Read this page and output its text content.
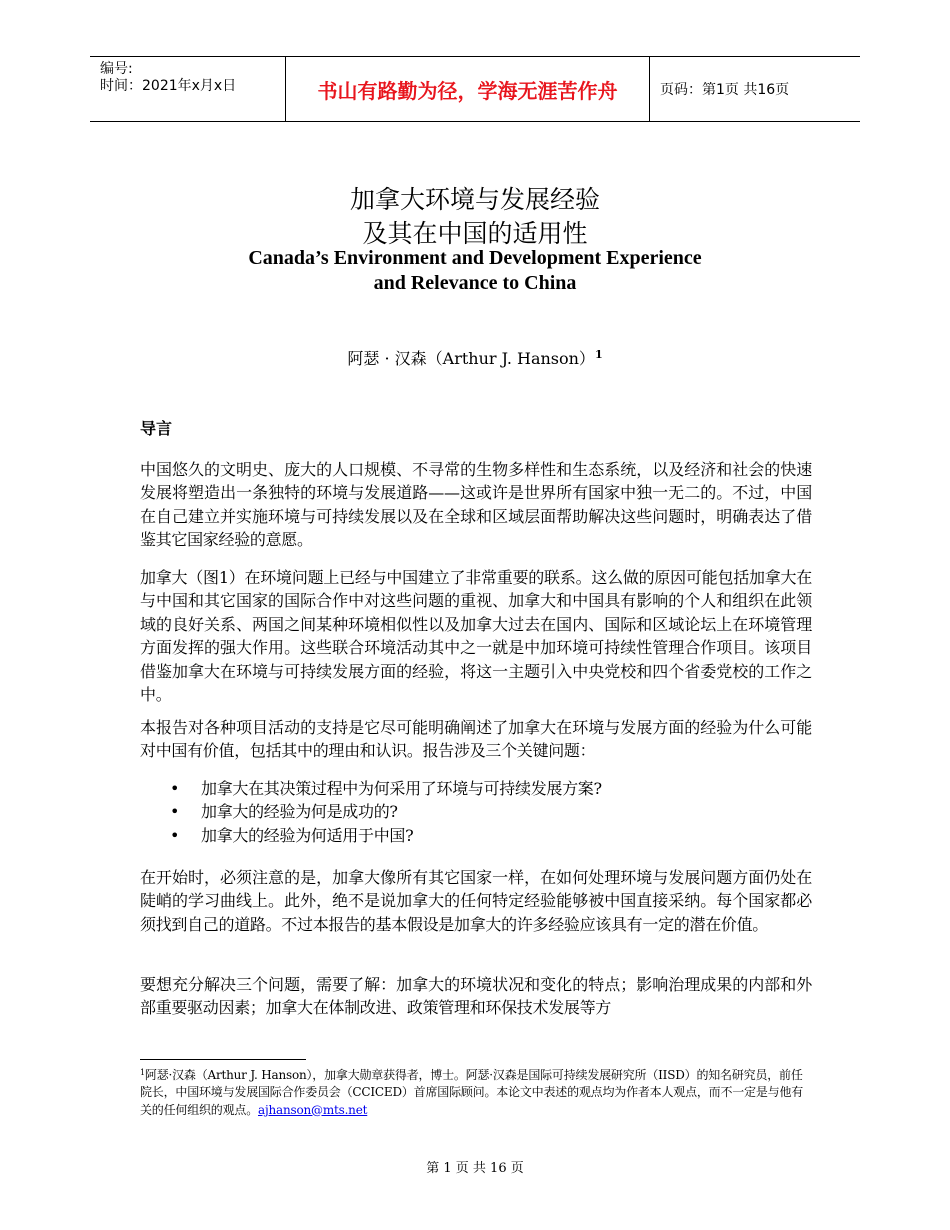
编号:
时间：2021年x月x日	书山有路勤为径，学海无涯苦作舟	页码：第1页 共16页
加拿大环境与发展经验
及其在中国的适用性
Canada’s Environment and Development Experience
and Relevance to China
阿瑟 · 汉森（Arthur J. Hanson）$^1$
导言

中国悠久的文明史、庞大的人口规模、不寻常的生物多样性和生态系统，以及经济和社会的快速发展将塑造出一条独特的环境与发展道路——这或许是世界所有国家中独一无二的。不过，中国在自己建立并实施环境与可持续发展以及在全球和区域层面帮助解决这些问题时，明确表达了借鉴其它国家经验的意愿。

加拿大（图1）在环境问题上已经与中国建立了非常重要的联系。这么做的原因可能包括加拿大在与中国和其它国家的国际合作中对这些问题的重视、加拿大和中国具有影响的个人和组织在此领域的良好关系、两国之间某种环境相似性以及加拿大过去在国内、国际和区域论坛上在环境管理方面发挥的强大作用。这些联合环境活动其中之一就是中加环境可持续性管理合作项目。该项目借鉴加拿大在环境与可持续发展方面的经验，将这一主题引入中央党校和四个省委党校的工作之中。

本报告对各种项目活动的支持是它尽可能明确阐述了加拿大在环境与发展方面的经验为什么可能对中国有价值，包括其中的理由和认识。报告涉及三个关键问题：

• 加拿大在其决策过程中为何采用了环境与可持续发展方案?
• 加拿大的经验为何是成功的?
• 加拿大的经验为何适用于中国?

在开始时，必须注意的是，加拿大像所有其它国家一样，在如何处理环境与发展问题方面仍处在陡峭的学习曲线上。此外，绝不是说加拿大的任何特定经验能够被中国直接采纳。每个国家都必须找到自己的道路。不过本报告的基本假设是加拿大的许多经验应该具有一定的潜在价值。

要想充分解决三个问题，需要了解：加拿大的环境状况和变化的特点；影响治理成果的内部和外部重要驱动因素；加拿大在体制改进、政策管理和环保技术发展等方

$^1$阿瑟·汉森（Arthur J. Hanson），加拿大勋章获得者，博士。阿瑟·汉森是国际可持续发展研究所（IISD）的知名研究员，前任院长，中国环境与发展国际合作委员会（CCICED）首席国际顾问。本论文中表述的观点均为作者本人观点，而不一定是与他有关的任何组织的观点。ajhanson@mts.net

第 1 页 共 16 页
